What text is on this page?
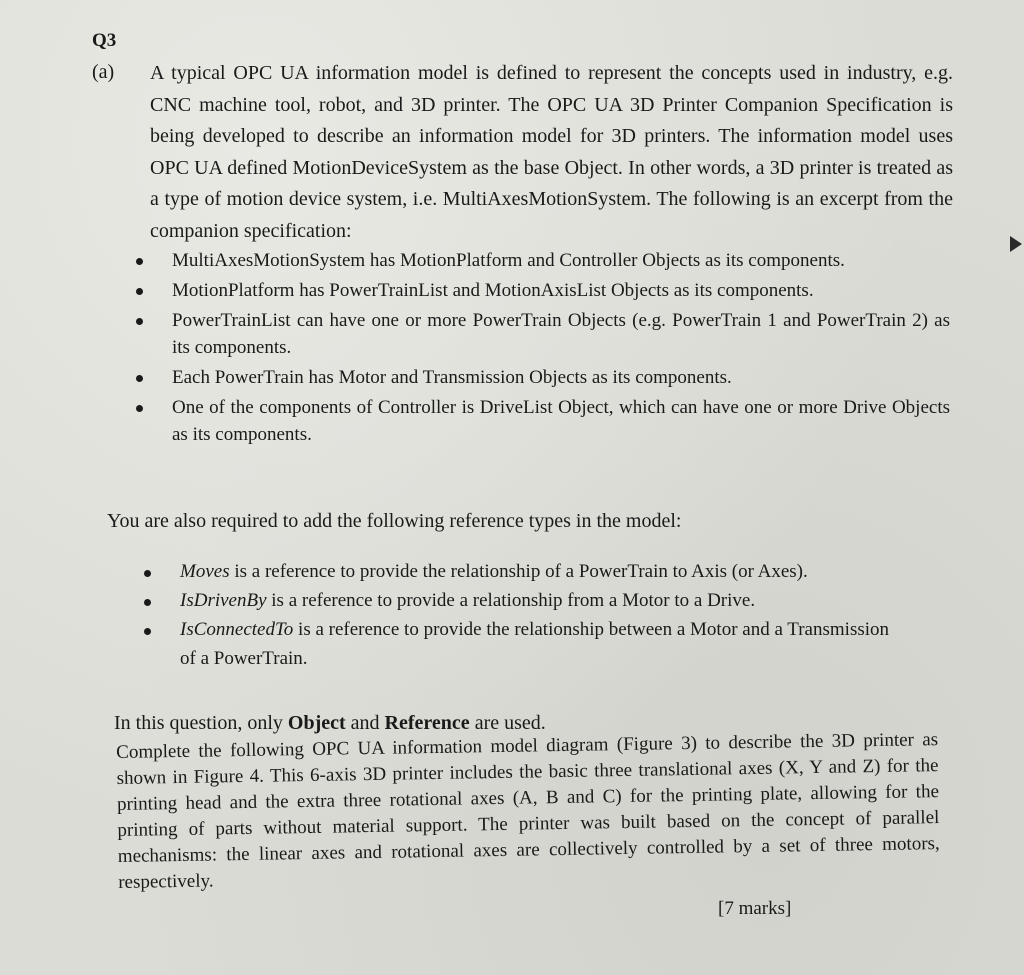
Q3
(a) A typical OPC UA information model is defined to represent the concepts used in industry, e.g. CNC machine tool, robot, and 3D printer. The OPC UA 3D Printer Companion Specification is being developed to describe an information model for 3D printers. The information model uses OPC UA defined MotionDeviceSystem as the base Object. In other words, a 3D printer is treated as a type of motion device system, i.e. MultiAxesMotionSystem. The following is an excerpt from the companion specification:

MultiAxesMotionSystem has MotionPlatform and Controller Objects as its components.
MotionPlatform has PowerTrainList and MotionAxisList Objects as its components.
PowerTrainList can have one or more PowerTrain Objects (e.g. PowerTrain 1 and PowerTrain 2) as its components.
Each PowerTrain has Motor and Transmission Objects as its components.
One of the components of Controller is DriveList Object, which can have one or more Drive Objects as its components.

You are also required to add the following reference types in the model:

Moves is a reference to provide the relationship of a PowerTrain to Axis (or Axes).
IsDrivenBy is a reference to provide a relationship from a Motor to a Drive.
IsConnectedTo is a reference to provide the relationship between a Motor and a Transmission of a PowerTrain.

In this question, only Object and Reference are used.

Complete the following OPC UA information model diagram (Figure 3) to describe the 3D printer as shown in Figure 4. This 6-axis 3D printer includes the basic three translational axes (X, Y and Z) for the printing head and the extra three rotational axes (A, B and C) for the printing plate, allowing for the printing of parts without material support. The printer was built based on the concept of parallel mechanisms: the linear axes and rotational axes are collectively controlled by a set of three motors, respectively.

[7 marks]
